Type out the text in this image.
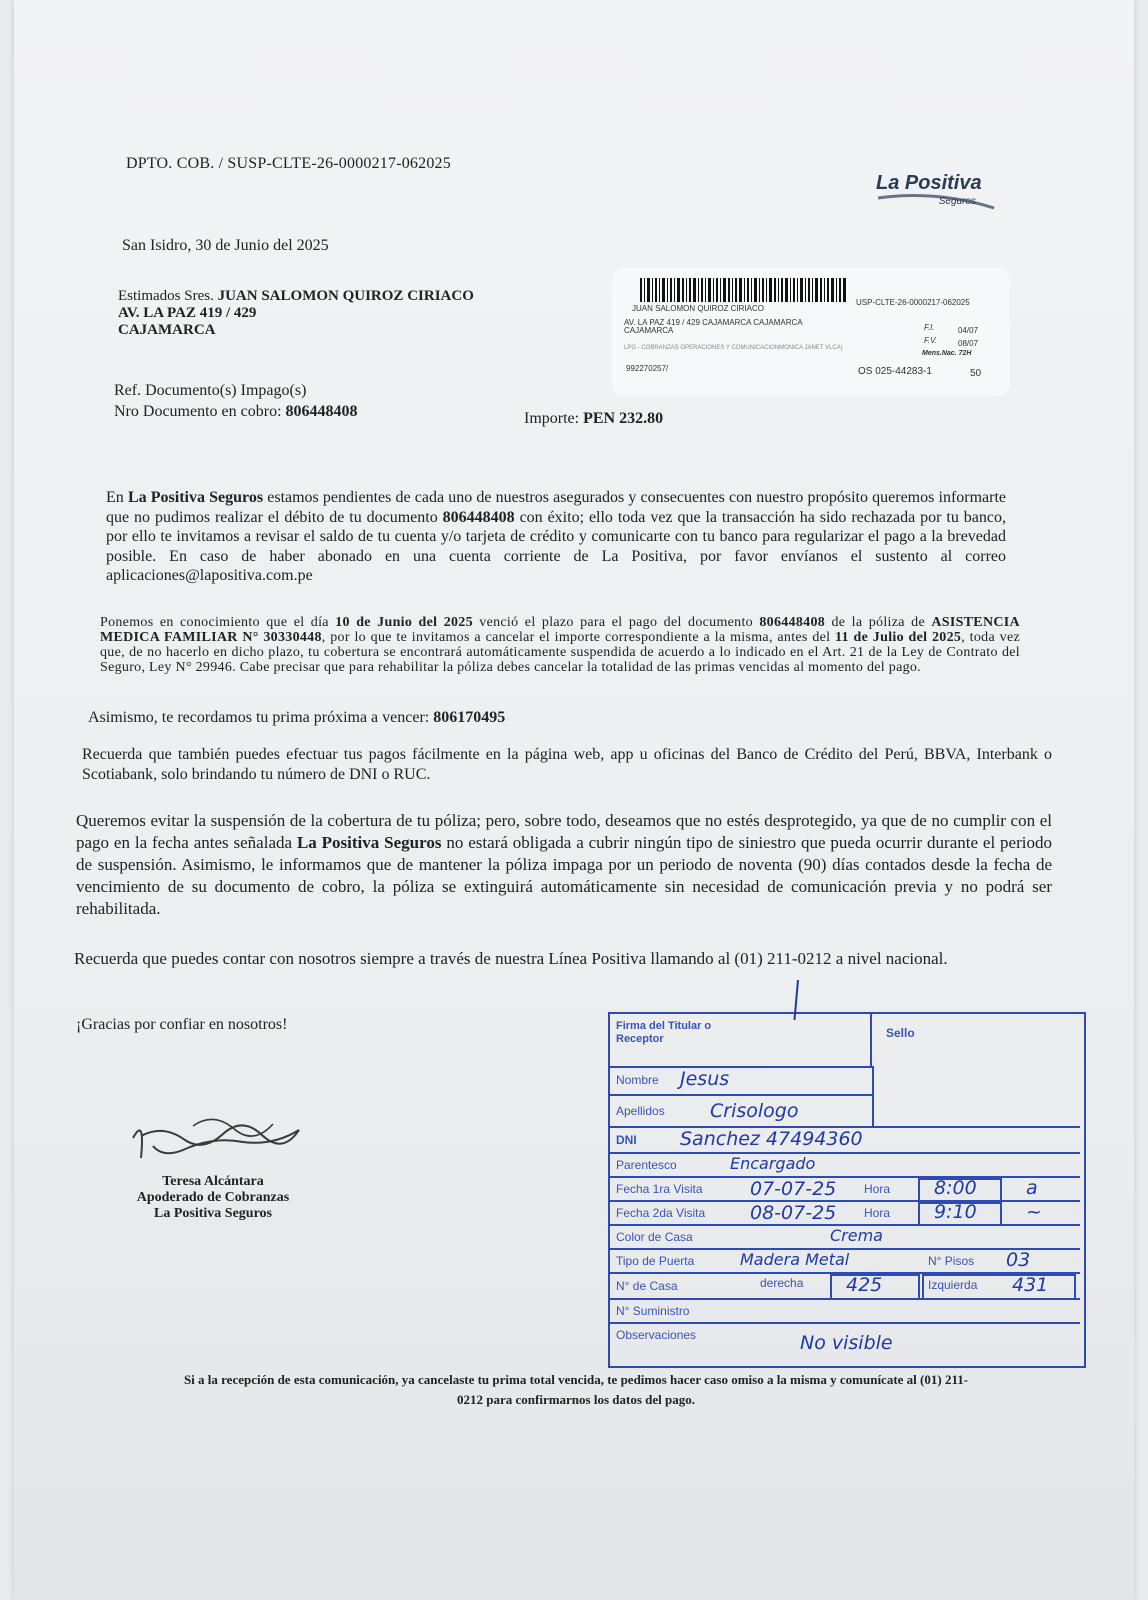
DPTO. COB. / SUSP-CLTE-26-0000217-062025
La Positiva
Seguros
San Isidro, 30 de Junio del 2025
Estimados Sres. JUAN SALOMON QUIROZ CIRIACO
AV. LA PAZ 419 / 429
CAJAMARCA
JUAN SALOMON QUIROZ CIRIACO
USP-CLTE-26-0000217-062025
AV. LA PAZ 419 / 429 CAJAMARCA CAJAMARCA
CAJAMARCA	F.I.	04/07
F.V.	08/07
LPG - COBRANZAS OPERACIONES Y COMUNICACIONMONICA JANET VLCA)
Mens.Nac. 72H
992270257/	OS 025-44283-1	50
Ref. Documento(s) Impago(s)
Nro Documento en cobro: 806448408	Importe: PEN 232.80
En La Positiva Seguros estamos pendientes de cada uno de nuestros asegurados y consecuentes con nuestro propósito queremos informarte que no pudimos realizar el débito de tu documento 806448408 con éxito; ello toda vez que la transacción ha sido rechazada por tu banco, por ello te invitamos a revisar el saldo de tu cuenta y/o tarjeta de crédito y comunicarte con tu banco para regularizar el pago a la brevedad posible. En caso de haber abonado en una cuenta corriente de La Positiva, por favor envíanos el sustento al correo aplicaciones@lapositiva.com.pe
Ponemos en conocimiento que el día 10 de Junio del 2025 venció el plazo para el pago del documento 806448408 de la póliza de ASISTENCIA MEDICA FAMILIAR N° 30330448, por lo que te invitamos a cancelar el importe correspondiente a la misma, antes del 11 de Julio del 2025, toda vez que, de no hacerlo en dicho plazo, tu cobertura se encontrará automáticamente suspendida de acuerdo a lo indicado en el Art. 21 de la Ley de Contrato del Seguro, Ley N° 29946. Cabe precisar que para rehabilitar la póliza debes cancelar la totalidad de las primas vencidas al momento del pago.
Asimismo, te recordamos tu prima próxima a vencer: 806170495
Recuerda que también puedes efectuar tus pagos fácilmente en la página web, app u oficinas del Banco de Crédito del Perú, BBVA, Interbank o Scotiabank, solo brindando tu número de DNI o RUC.
Queremos evitar la suspensión de la cobertura de tu póliza; pero, sobre todo, deseamos que no estés desprotegido, ya que de no cumplir con el pago en la fecha antes señalada La Positiva Seguros no estará obligada a cubrir ningún tipo de siniestro que pueda ocurrir durante el periodo de suspensión. Asimismo, le informamos que de mantener la póliza impaga por un periodo de noventa (90) días contados desde la fecha de vencimiento de su documento de cobro, la póliza se extinguirá automáticamente sin necesidad de comunicación previa y no podrá ser rehabilitada.
Recuerda que puedes contar con nosotros siempre a través de nuestra Línea Positiva llamando al (01) 211-0212 a nivel nacional.
¡Gracias por confiar en nosotros!
Teresa Alcántara
Apoderado de Cobranzas
La Positiva Seguros
Firma del Titular o Receptor	Sello
Nombre Jesus
Apellidos Crisologo
DNI Sanchez 47494360
Parentesco	Encargado
Fecha 1ra Visita	07-07-25 Hora 8:00	a
Fecha 2da Visita 08-07-25 Hora 9:10	~
Color de Casa	Crema
Tipo de Puerta	Madera Metal	N° Pisos 03
N° de Casa	derecha 425	Izquierda 431
N° Suministro
Observaciones	No visible
Si a la recepción de esta comunicación, ya cancelaste tu prima total vencida, te pedimos hacer caso omiso a la misma y comunícate al (01) 211-
0212 para confirmarnos los datos del pago.
